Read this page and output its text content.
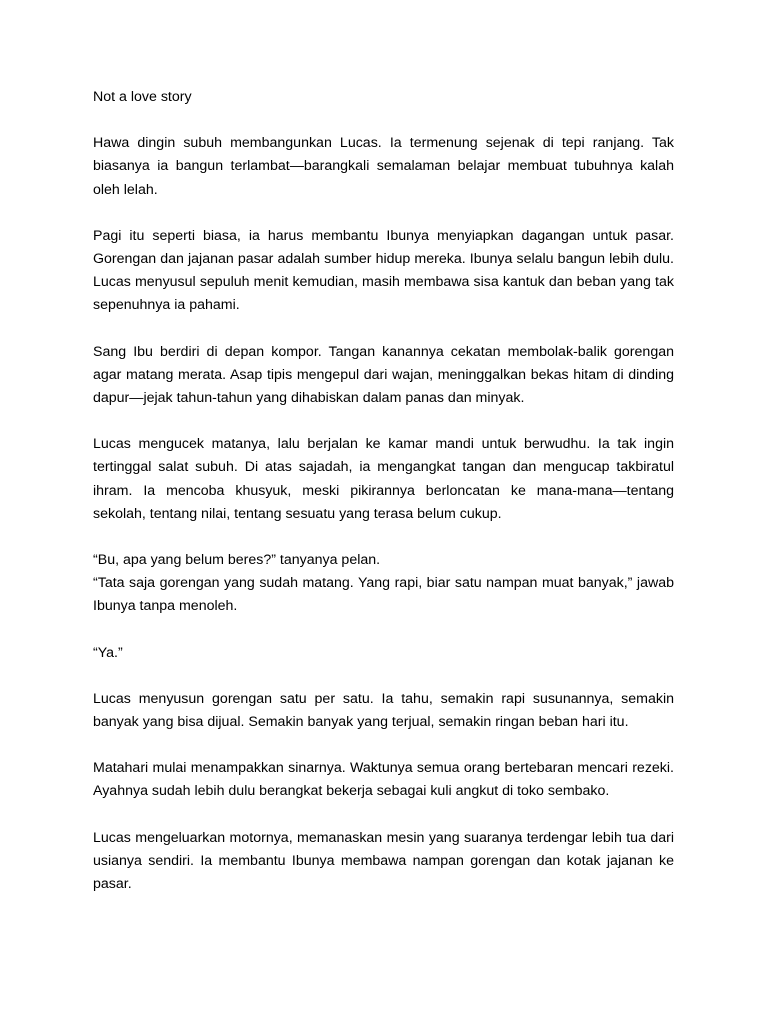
Not a love story

Hawa dingin subuh membangunkan Lucas. Ia termenung sejenak di tepi ranjang. Tak biasanya ia bangun terlambat—barangkali semalaman belajar membuat tubuhnya kalah oleh lelah.

Pagi itu seperti biasa, ia harus membantu Ibunya menyiapkan dagangan untuk pasar. Gorengan dan jajanan pasar adalah sumber hidup mereka. Ibunya selalu bangun lebih dulu. Lucas menyusul sepuluh menit kemudian, masih membawa sisa kantuk dan beban yang tak sepenuhnya ia pahami.

Sang Ibu berdiri di depan kompor. Tangan kanannya cekatan membolak-balik gorengan agar matang merata. Asap tipis mengepul dari wajan, meninggalkan bekas hitam di dinding dapur—jejak tahun-tahun yang dihabiskan dalam panas dan minyak.

Lucas mengucek matanya, lalu berjalan ke kamar mandi untuk berwudhu. Ia tak ingin tertinggal salat subuh. Di atas sajadah, ia mengangkat tangan dan mengucap takbiratul ihram. Ia mencoba khusyuk, meski pikirannya berloncatan ke mana-mana—tentang sekolah, tentang nilai, tentang sesuatu yang terasa belum cukup.

“Bu, apa yang belum beres?” tanyanya pelan.

“Tata saja gorengan yang sudah matang. Yang rapi, biar satu nampan muat banyak,” jawab Ibunya tanpa menoleh.

“Ya.”

Lucas menyusun gorengan satu per satu. Ia tahu, semakin rapi susunannya, semakin banyak yang bisa dijual. Semakin banyak yang terjual, semakin ringan beban hari itu.

Matahari mulai menampakkan sinarnya. Waktunya semua orang bertebaran mencari rezeki. Ayahnya sudah lebih dulu berangkat bekerja sebagai kuli angkut di toko sembako.

Lucas mengeluarkan motornya, memanaskan mesin yang suaranya terdengar lebih tua dari usianya sendiri. Ia membantu Ibunya membawa nampan gorengan dan kotak jajanan ke pasar.
